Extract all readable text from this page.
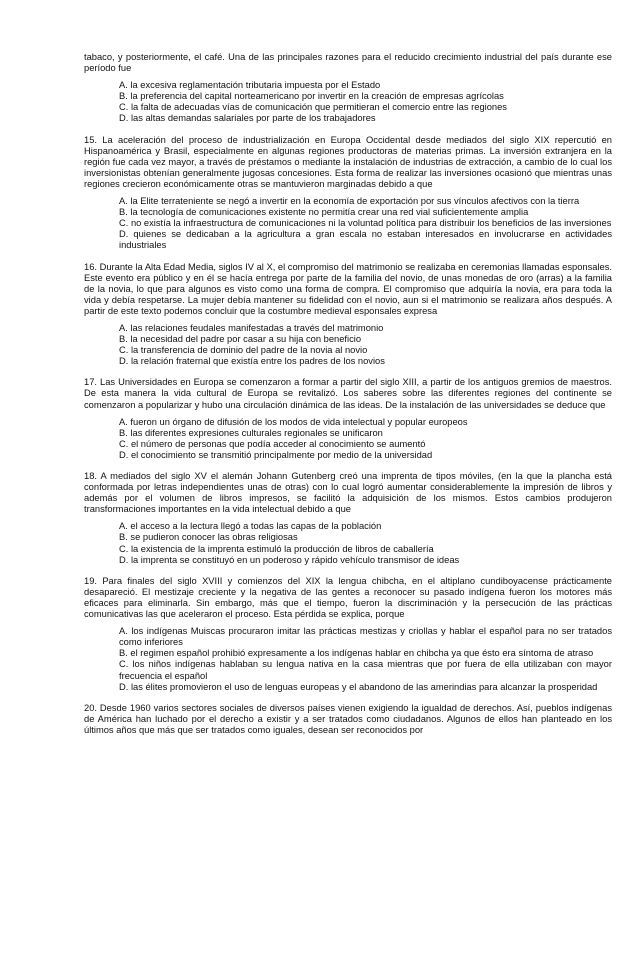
tabaco, y posteriormente, el café. Una de las principales razones para el reducido crecimiento industrial del país durante ese período fue

A. la excesiva reglamentación tributaria impuesta por el Estado
B. la preferencia del capital norteamericano por invertir en la creación de empresas agrícolas
C. la falta de adecuadas vías de comunicación que permitieran el comercio entre las regiones
D. las altas demandas salariales por parte de los trabajadores

15. La aceleración del proceso de industrialización en Europa Occidental desde mediados del siglo XIX repercutió en Hispanoamérica y Brasil, especialmente en algunas regiones productoras de materias primas. La inversión extranjera en la región fue cada vez mayor, a través de préstamos o mediante la instalación de industrias de extracción, a cambio de lo cual los inversionistas obtenían generalmente jugosas concesiones. Esta forma de realizar las inversiones ocasionó que mientras unas regiones crecieron económicamente otras se mantuvieron marginadas debido a que

A. la Elite terrateniente se negó a invertir en la economía de exportación por sus vínculos afectivos con la tierra
B. la tecnología de comunicaciones existente no permitía crear una red vial suficientemente amplia
C. no existía la infraestructura de comunicaciones ni la voluntad política para distribuir los beneficios de las inversiones
D. quienes se dedicaban a la agricultura a gran escala no estaban interesados en involucrarse en actividades industriales

16. Durante la Alta Edad Media, siglos IV al X, el compromiso del matrimonio se realizaba en ceremonias llamadas esponsales. Este evento era público y en él se hacía entrega por parte de la familia del novio, de unas monedas de oro (arras) a la familia de la novia, lo que para algunos es visto como una forma de compra. El compromiso que adquiría la novia, era para toda la vida y debía respetarse. La mujer debía mantener su fidelidad con el novio, aun si el matrimonio se realizara años después. A partir de este texto podemos concluir que la costumbre medieval esponsales expresa

A. las relaciones feudales manifestadas a través del matrimonio
B. la necesidad del padre por casar a su hija con beneficio
C. la transferencia de dominio del padre de la novia al novio
D. la relación fraternal que existía entre los padres de los novios

17. Las Universidades en Europa se comenzaron a formar a partir del siglo XIII, a partir de los antiguos gremios de maestros. De esta manera la vida cultural de Europa se revitalizó. Los saberes sobre las diferentes regiones del continente se comenzaron a popularizar y hubo una circulación dinámica de las ideas. De la instalación de las universidades se deduce que

A. fueron un órgano de difusión de los modos de vida intelectual y popular europeos
B. las diferentes expresiones culturales regionales se unificaron
C. el número de personas que podía acceder al conocimiento se aumentó
D. el conocimiento se transmitió principalmente por medio de la universidad

18. A mediados del siglo XV el alemán Johann Gutenberg creó una imprenta de tipos móviles, (en la que la plancha está conformada por letras independientes unas de otras) con lo cual logró aumentar considerablemente la impresión de libros y además por el volumen de libros impresos, se facilitó la adquisición de los mismos. Estos cambios produjeron transformaciones importantes en la vida intelectual debido a que

A. el acceso a la lectura llegó a todas las capas de la población
B. se pudieron conocer las obras religiosas
C. la existencia de la imprenta estimuló la producción de libros de caballería
D. la imprenta se constituyó en un poderoso y rápido vehículo transmisor de ideas

19. Para finales del siglo XVIII y comienzos del XIX la lengua chibcha, en el altiplano cundiboyacense prácticamente desapareció. El mestizaje creciente y la negativa de las gentes a reconocer su pasado indígena fueron los motores más eficaces para eliminarla. Sin embargo, más que el tiempo, fueron la discriminación y la persecución de las prácticas comunicativas las que aceleraron el proceso. Esta pérdida se explica, porque

A. los indígenas Muiscas procuraron imitar las prácticas mestizas y criollas y hablar el español para no ser tratados como inferiores
B. el regimen español prohibió expresamente a los indígenas hablar en chibcha ya que ésto era síntoma de atraso
C. los niños indígenas hablaban su lengua nativa en la casa mientras que por fuera de ella utilizaban con mayor frecuencia el español
D. las élites promovieron el uso de lenguas europeas y el abandono de las amerindias para alcanzar la prosperidad

20. Desde 1960 varios sectores sociales de diversos países vienen exigiendo la igualdad de derechos. Así, pueblos indígenas de América han luchado por el derecho a existir y a ser tratados como ciudadanos. Algunos de ellos han planteado en los últimos años que más que ser tratados como iguales, desean ser reconocidos por
